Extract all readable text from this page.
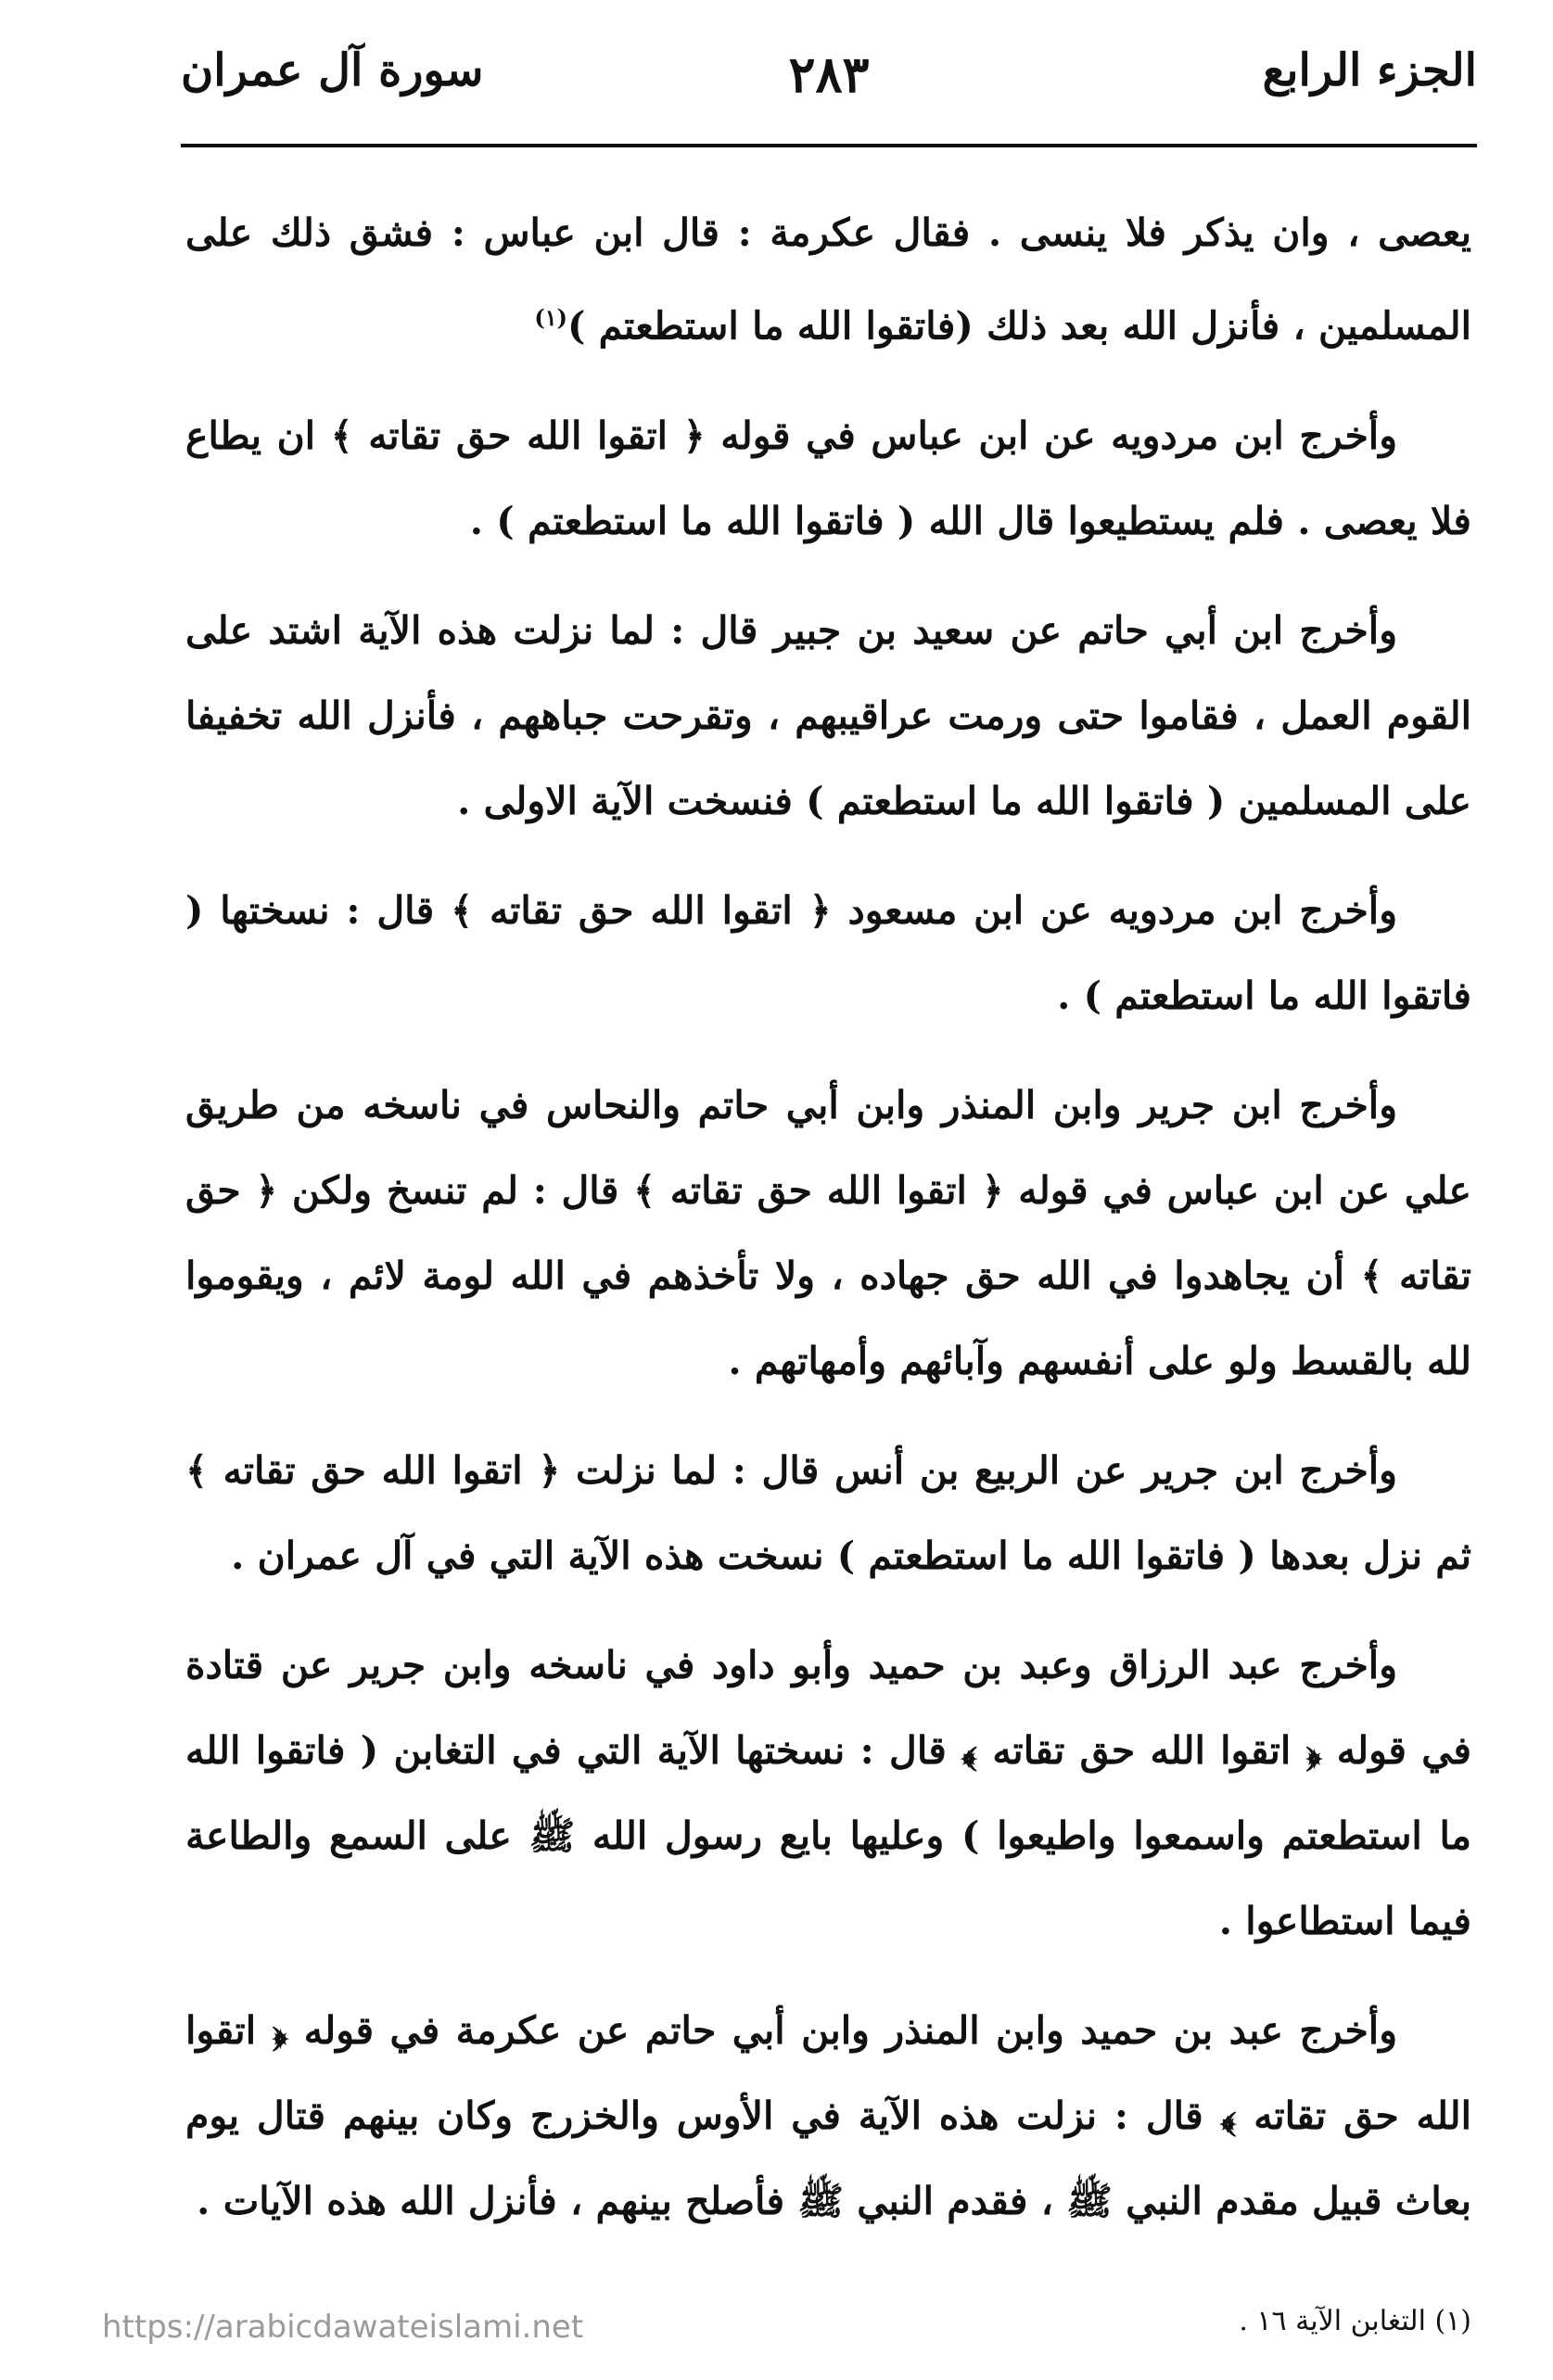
الجزء الرابع
٢٨٣
سورة آل عمران

يعصى ، وان يذكر فلا ينسى . فقال عكرمة : قال ابن عباس : فشق ذلك على المسلمين ، فأنزل الله بعد ذلك (فاتقوا الله ما استطعتم )$^{(١)}$

وأخرج ابن مردويه عن ابن عباس في قوله ﴿ اتقوا الله حق تقاته ﴾ ان يطاع فلا يعصى . فلم يستطيعوا قال الله ( فاتقوا الله ما استطعتم ) .

وأخرج ابن أبي حاتم عن سعيد بن جبير قال : لما نزلت هذه الآية اشتد على القوم العمل ، فقاموا حتى ورمت عراقيبهم ، وتقرحت جباههم ، فأنزل الله تخفيفا على المسلمين ( فاتقوا الله ما استطعتم ) فنسخت الآية الاولى .

وأخرج ابن مردويه عن ابن مسعود ﴿ اتقوا الله حق تقاته ﴾ قال : نسختها ( فاتقوا الله ما استطعتم ) .

وأخرج ابن جرير وابن المنذر وابن أبي حاتم والنحاس في ناسخه من طريق علي عن ابن عباس في قوله ﴿ اتقوا الله حق تقاته ﴾ قال : لم تنسخ ولكن ﴿ حق تقاته ﴾ أن يجاهدوا في الله حق جهاده ، ولا تأخذهم في الله لومة لائم ، ويقوموا لله بالقسط ولو على أنفسهم وآبائهم وأمهاتهم .

وأخرج ابن جرير عن الربيع بن أنس قال : لما نزلت ﴿ اتقوا الله حق تقاته ﴾ ثم نزل بعدها ( فاتقوا الله ما استطعتم ) نسخت هذه الآية التي في آل عمران .

وأخرج عبد الرزاق وعبد بن حميد وأبو داود في ناسخه وابن جرير عن قتادة في قوله ﴿ اتقوا الله حق تقاته ﴾ قال : نسختها الآية التي في التغابن ( فاتقوا الله ما استطعتم واسمعوا واطيعوا ) وعليها بايع رسول الله ﷺ على السمع والطاعة فيما استطاعوا .

وأخرج عبد بن حميد وابن المنذر وابن أبي حاتم عن عكرمة في قوله ﴿ اتقوا الله حق تقاته ﴾ قال : نزلت هذه الآية في الأوس والخزرج وكان بينهم قتال يوم بعاث قبيل مقدم النبي ﷺ ، فقدم النبي ﷺ فأصلح بينهم ، فأنزل الله هذه الآيات .

(١) التغابن الآية ١٦ .
https://arabicdawateislami.net
